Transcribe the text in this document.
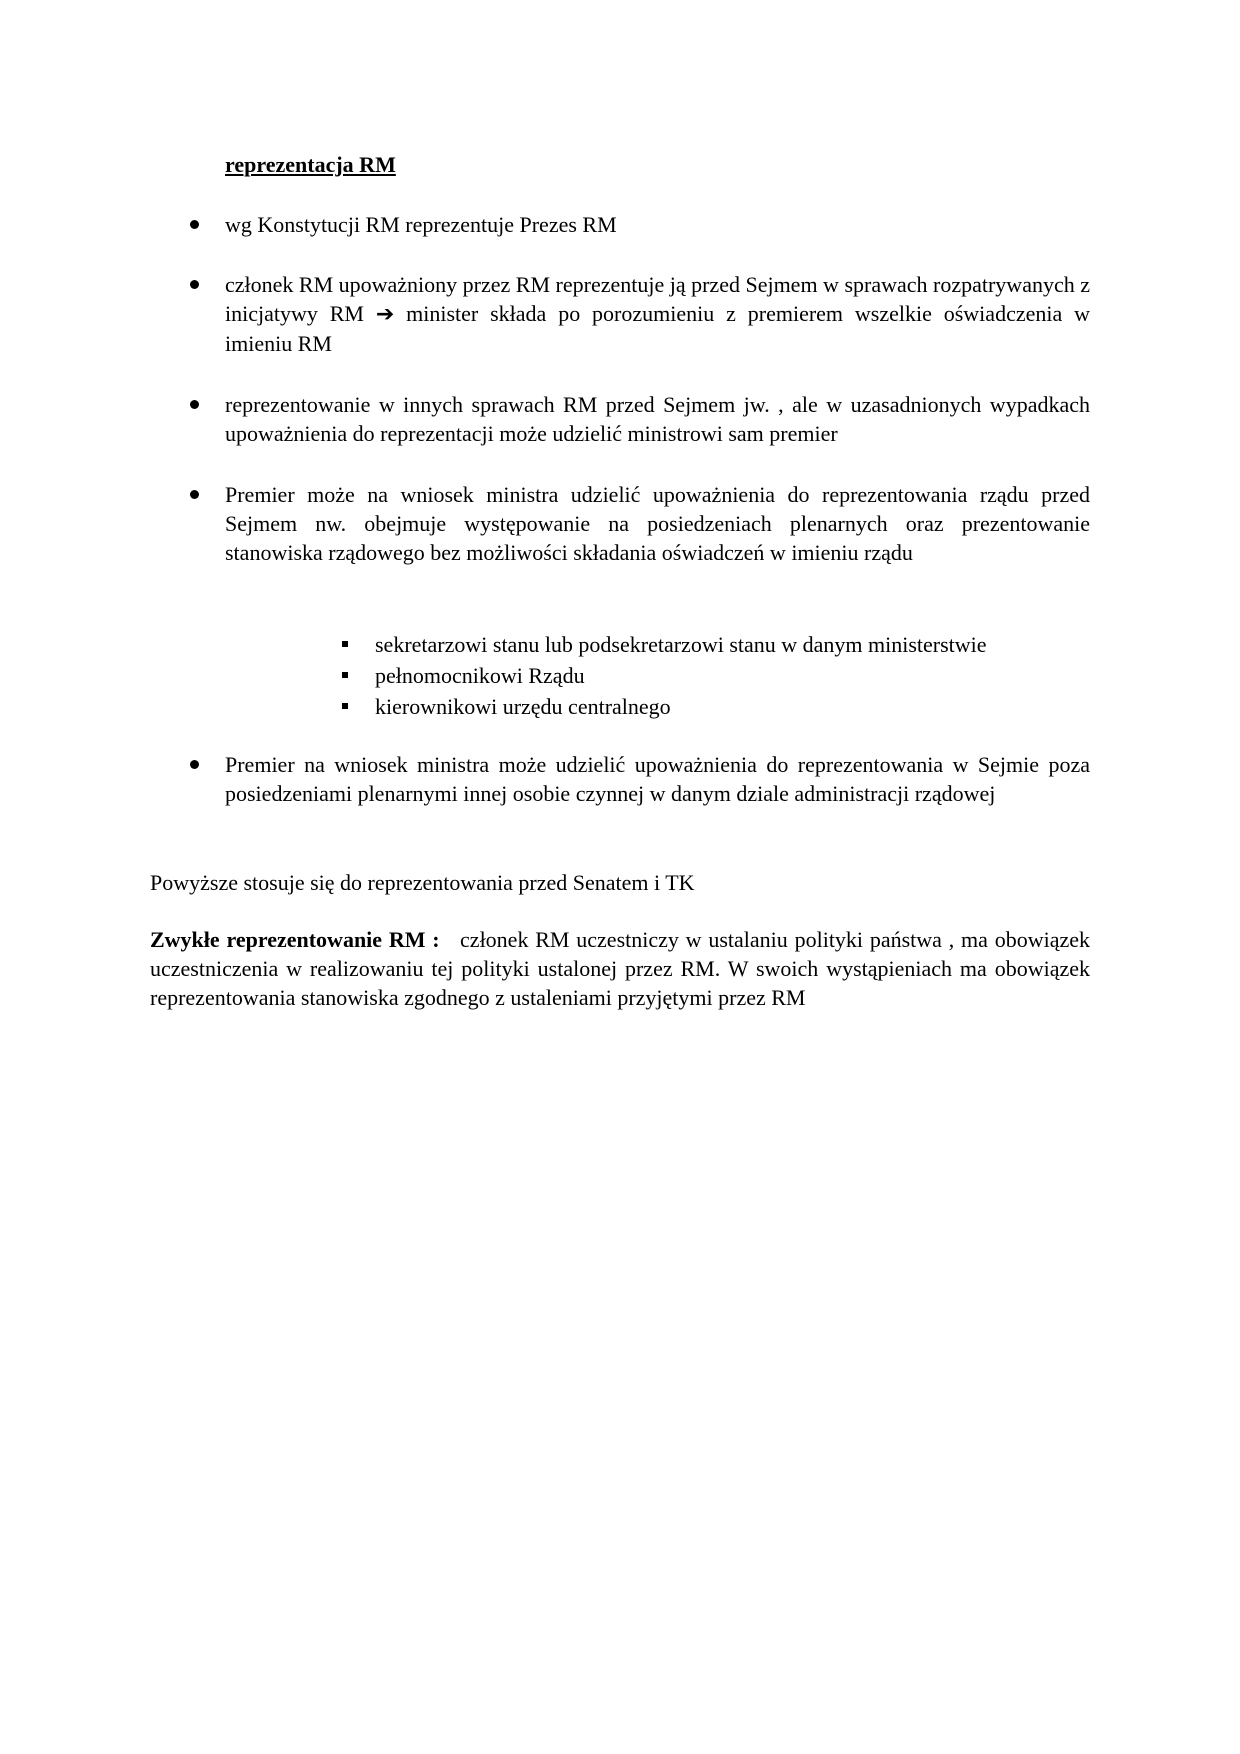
reprezentacja RM

wg Konstytucji RM reprezentuje Prezes RM
członek RM upoważniony przez RM reprezentuje ją przed Sejmem w sprawach rozpatrywanych z inicjatywy RM ➔ minister składa po porozumieniu z premierem wszelkie oświadczenia w imieniu RM
reprezentowanie w innych sprawach RM przed Sejmem jw. , ale w uzasadnionych wypadkach upoważnienia do reprezentacji może udzielić ministrowi sam premier
Premier może na wniosek ministra udzielić upoważnienia do reprezentowania rządu przed Sejmem nw. obejmuje występowanie na posiedzeniach plenarnych oraz prezentowanie stanowiska rządowego bez możliwości składania oświadczeń w imieniu rządu
Premier na wniosek ministra może udzielić upoważnienia do reprezentowania w Sejmie poza posiedzeniami plenarnymi innej osobie czynnej w danym dziale administracji rządowej
sekretarzowi stanu lub podsekretarzowi stanu w danym ministerstwie
pełnomocnikowi Rządu
kierownikowi urzędu centralnego

Powyższe stosuje się do reprezentowania przed Senatem i TK

Zwykłe reprezentowanie RM :   członek RM uczestniczy w ustalaniu polityki państwa , ma obowiązek uczestniczenia w realizowaniu tej polityki ustalonej przez RM. W swoich wystąpieniach ma obowiązek reprezentowania stanowiska zgodnego z ustaleniami przyjętymi przez RM
